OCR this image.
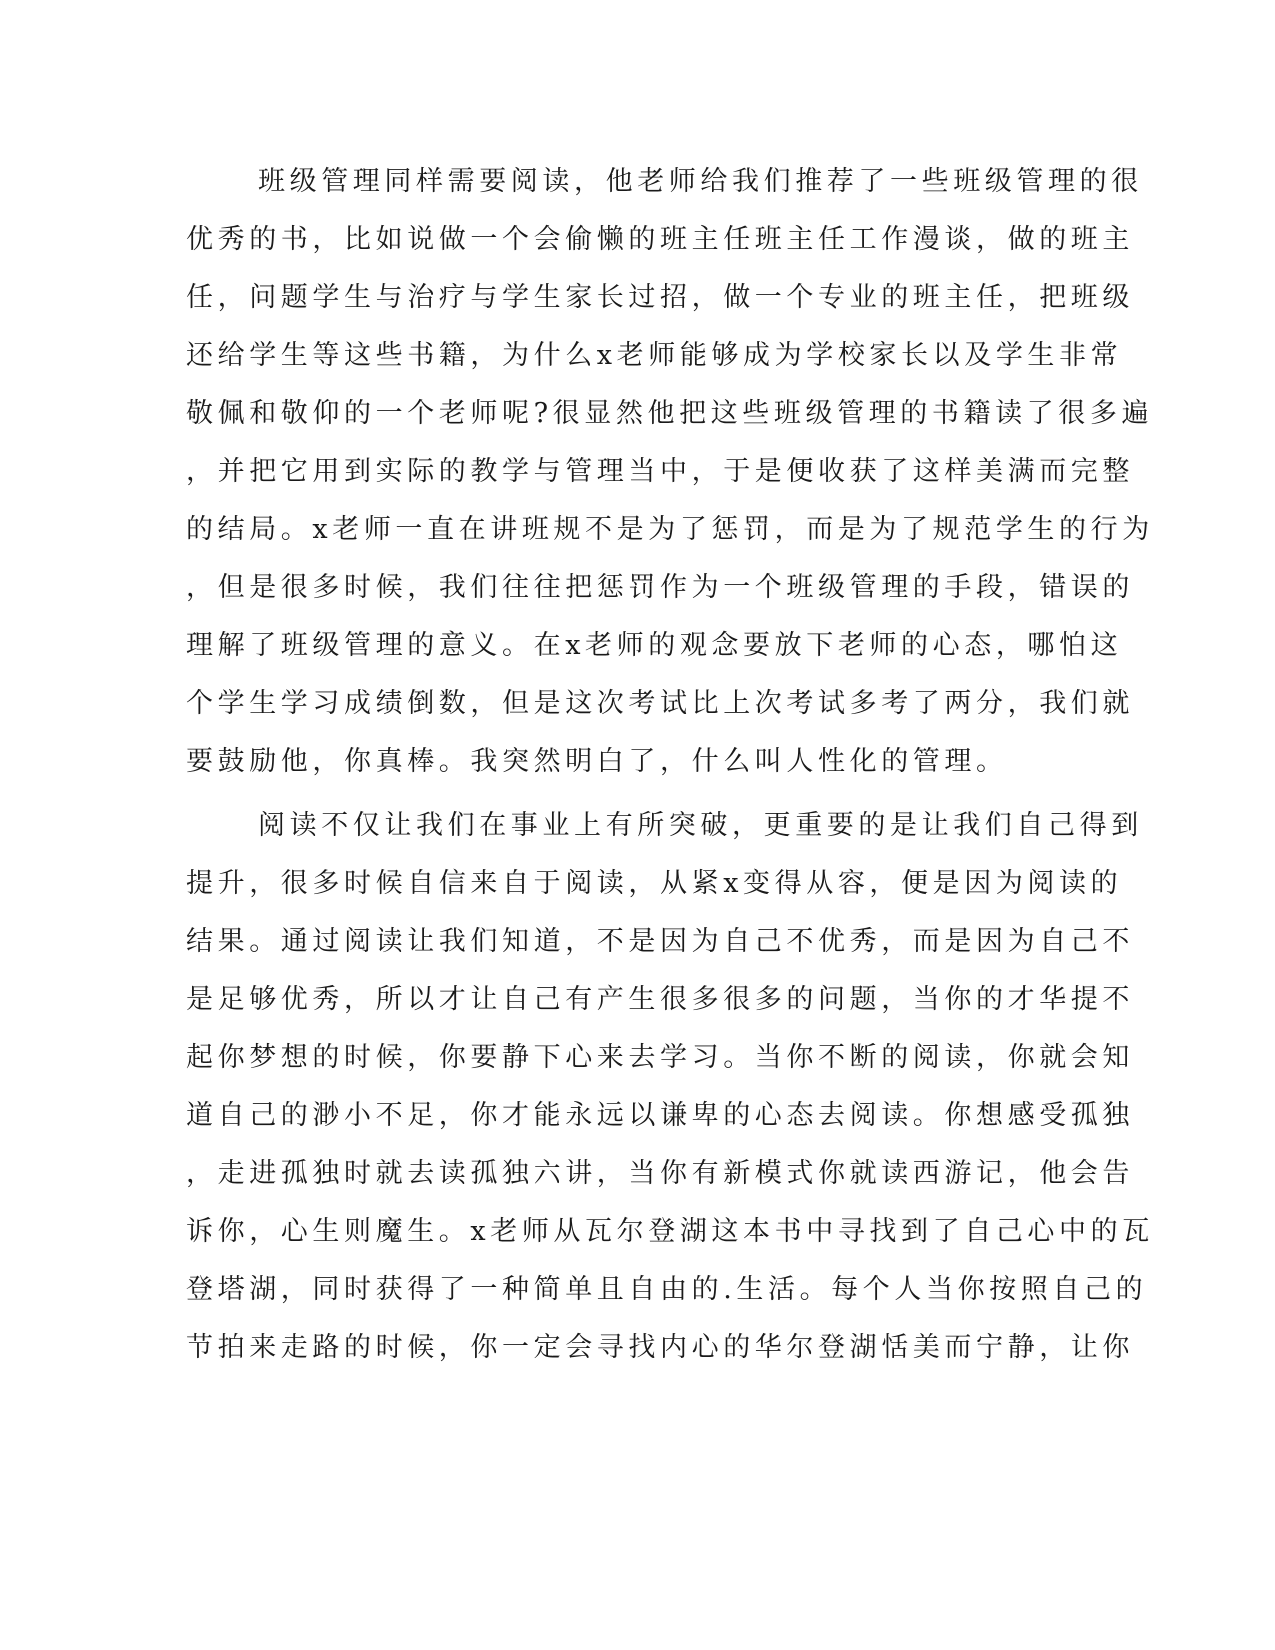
班级管理同样需要阅读，他老师给我们推荐了一些班级管理的很
优秀的书，比如说做一个会偷懒的班主任班主任工作漫谈，做的班主
任，问题学生与治疗与学生家长过招，做一个专业的班主任，把班级
还给学生等这些书籍，为什么x老师能够成为学校家长以及学生非常
敬佩和敬仰的一个老师呢?很显然他把这些班级管理的书籍读了很多遍
，并把它用到实际的教学与管理当中，于是便收获了这样美满而完整
的结局。x老师一直在讲班规不是为了惩罚，而是为了规范学生的行为
，但是很多时候，我们往往把惩罚作为一个班级管理的手段，错误的
理解了班级管理的意义。在x老师的观念要放下老师的心态，哪怕这
个学生学习成绩倒数，但是这次考试比上次考试多考了两分，我们就
要鼓励他，你真棒。我突然明白了，什么叫人性化的管理。
阅读不仅让我们在事业上有所突破，更重要的是让我们自己得到
提升，很多时候自信来自于阅读，从紧x变得从容，便是因为阅读的
结果。通过阅读让我们知道，不是因为自己不优秀，而是因为自己不
是足够优秀，所以才让自己有产生很多很多的问题，当你的才华提不
起你梦想的时候，你要静下心来去学习。当你不断的阅读，你就会知
道自己的渺小不足，你才能永远以谦卑的心态去阅读。你想感受孤独
，走进孤独时就去读孤独六讲，当你有新模式你就读西游记，他会告
诉你，心生则魔生。x老师从瓦尔登湖这本书中寻找到了自己心中的瓦
登塔湖，同时获得了一种简单且自由的.生活。每个人当你按照自己的
节拍来走路的时候，你一定会寻找内心的华尔登湖恬美而宁静，让你
